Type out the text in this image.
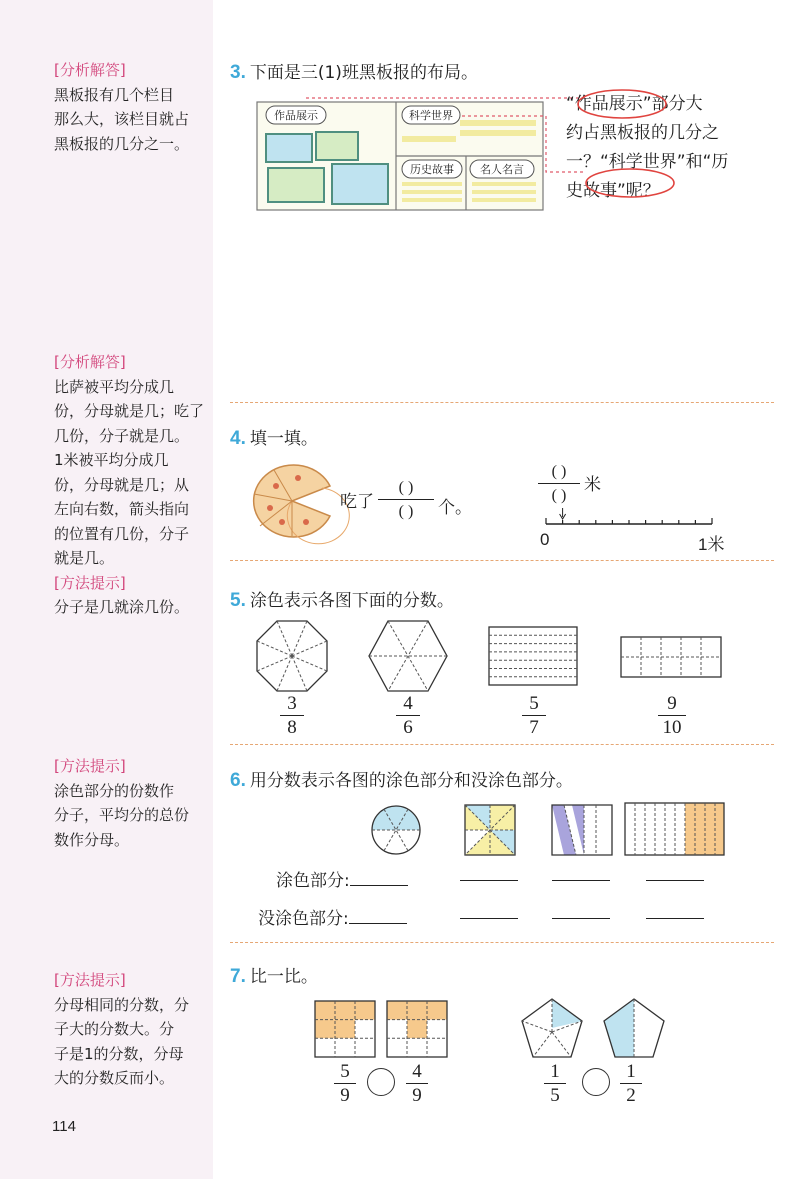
[分析解答]

黑板报有几个栏目

那么大，该栏目就占

黑板报的几分之一。

[分析解答]

比萨被平均分成几

份，分母就是几；吃了

几份，分子就是几。

1米被平均分成几

份，分母就是几；从

左向右数，箭头指向

的位置有几份，分子

就是几。

[方法提示]

分子是几就涂几份。

[方法提示]

涂色部分的份数作

分子，平均分的总份

数作分母。

[方法提示]

分母相同的分数，分

子大的分数大。分

子是1的分数，分母

大的分数反而小。

114
3. 下面是三(1)班黑板报的布局。
作品展示	科学世界
历史故事 名人名言
“作品展示”部分大
约占黑板报的几分之
一？“科学世界”和“历
史故事”呢？
4. 填一填。
吃了
( )
( )	个。
( )
( )
米
0	1米
5. 涂色表示各图下面的分数。
3
8
4
6
5
7
9
10
6. 用分数表示各图的涂色部分和没涂色部分。
涂色部分:
没涂色部分:
7. 比一比。
5
9
4
9
1
5
1
2
